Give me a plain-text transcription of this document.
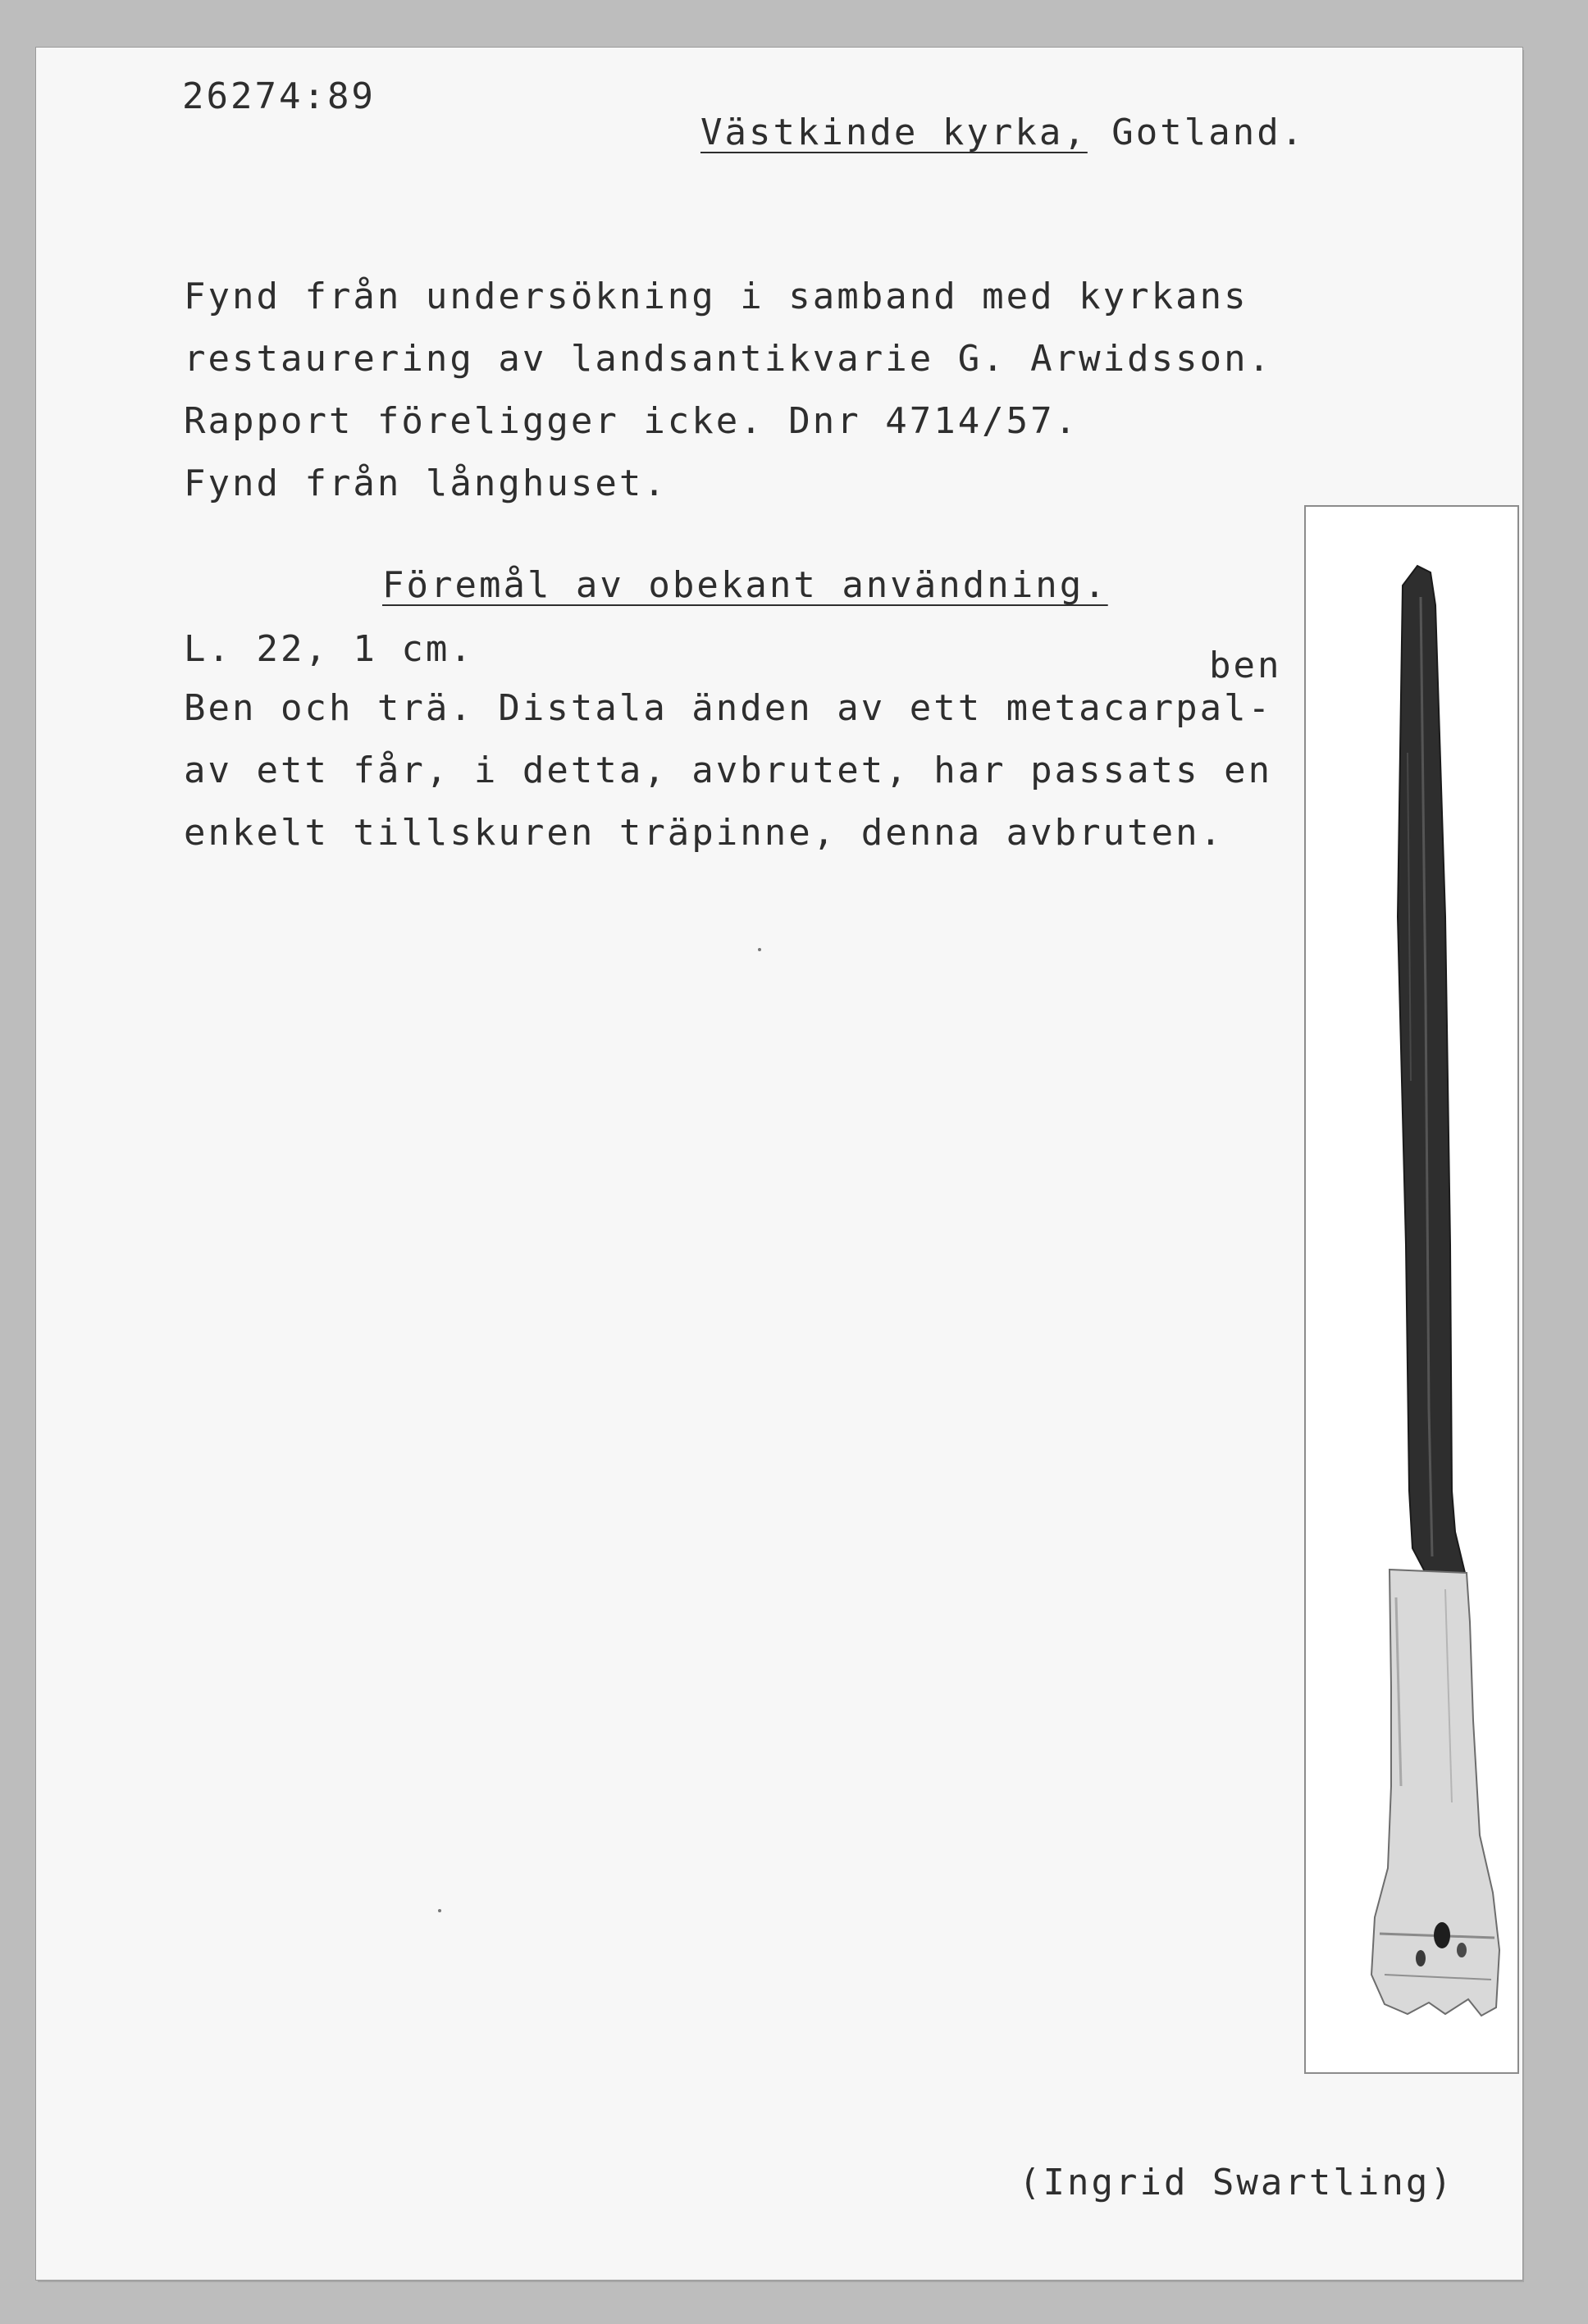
26274:89

Västkinde kyrka, Gotland.

Fynd från undersökning i samband med kyrkans
restaurering av landsantikvarie G. Arwidsson.
Rapport föreligger icke. Dnr 4714/57.
Fynd från långhuset.
Föremål av obekant användning.
L. 22, 1 cm.	ben
Ben och trä. Distala änden av ett metacarpal-
av ett får, i detta, avbrutet, har passats en
enkelt tillskuren träpinne, denna avbruten.
(Ingrid Swartling)
